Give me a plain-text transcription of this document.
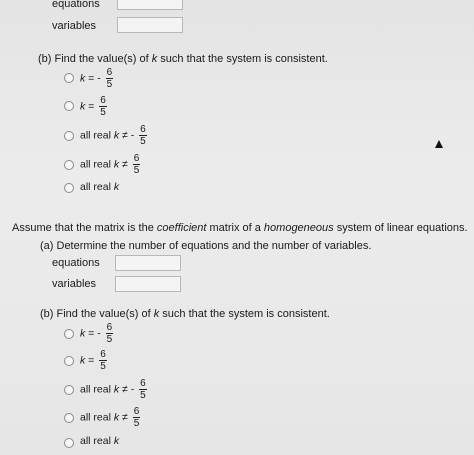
equations
variables
(b) Find the value(s) of k such that the system is consistent.
k = - $\frac{6}{5}$
$k = \frac{6}{5}$
all real k ≠ - $\frac{6}{5}$
all real $k \ne \frac{6}{5}$
all real k
Assume that the matrix is the coefficient matrix of a homogeneous system of linear equations.
(a) Determine the number of equations and the number of variables.
equations
variables
(b) Find the value(s) of k such that the system is consistent.
k = - $\frac{6}{5}$
$k = \frac{6}{5}$
all real k ≠ - $\frac{6}{5}$
all real $k \ne \frac{6}{5}$
all real k
